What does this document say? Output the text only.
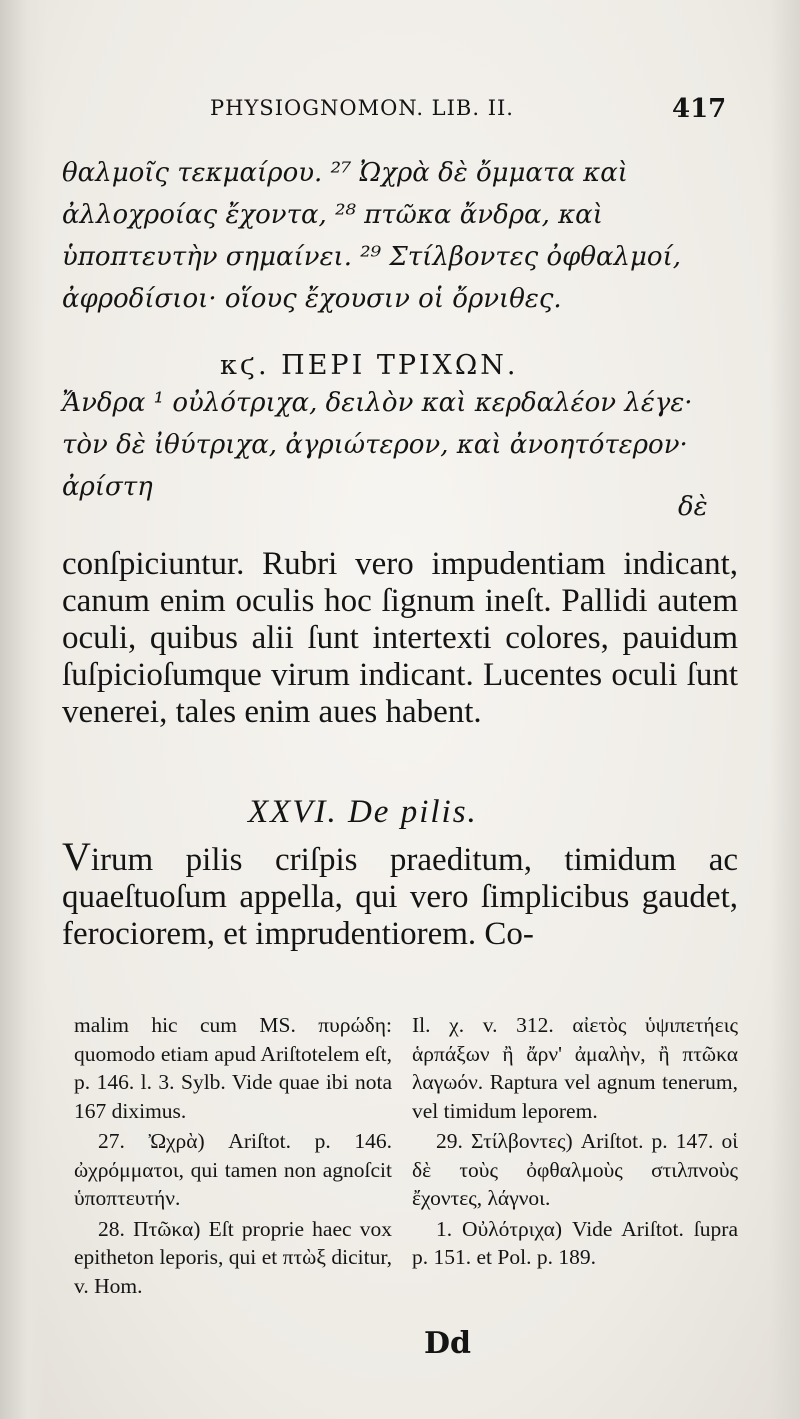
PHYSIOGNOMON. LIB. II.	417
θαλμοῖς τεκμαίρου. ²⁷ Ὠχρὰ δὲ ὄμματα καὶ ἀλλοχροίας ἔχοντα, ²⁸ πτῶκα ἄνδρα, καὶ ὑποπτευτὴν σημαίνει. ²⁹ Στίλβοντες ὀφθαλμοί, ἀφροδίσιοι· οἵους ἔχουσιν οἱ ὄρνιθες.
κϛ. ΠΕΡΙ ΤΡΙΧΩΝ.
Ἄνδρα ¹ οὐλότριχα, δειλὸν καὶ κερδαλέον λέγε· τὸν δὲ ἰθύτριχα, ἀγριώτερον, καὶ ἀνοητότερον· ἀρίστη
δὲ
conſpiciuntur. Rubri vero impudentiam indicant, canum enim oculis hoc ſignum ineſt. Pallidi autem oculi, quibus alii ſunt intertexti colores, pauidum ſuſpicioſumque virum indicant. Lucentes oculi ſunt venerei, tales enim aues habent.
XXVI. De pilis.
Virum pilis criſpis praeditum, timidum ac quaeſtuoſum appella, qui vero ſimplicibus gaudet, ferociorem, et imprudentiorem. Co-

malim hic cum MS. πυρώδη: quomodo etiam apud Ariſtotelem eſt, p. 146. l. 3. Sylb. Vide quae ibi nota 167 diximus.

27. Ὠχρὰ) Ariſtot. p. 146. ὠχρόμματοι, qui tamen non agnoſcit ὑποπτευτήν.

28. Πτῶκα) Eſt proprie haec vox epitheton leporis, qui et πτὼξ dicitur, v. Hom.

Il. χ. v. 312. αἰετὸς ὑψιπετήεις ἁρπάξων ἢ ἄρν' ἀμαλὴν, ἢ πτῶκα λαγωόν. Raptura vel agnum tenerum, vel timidum leporem.

29. Στίλβοντες) Ariſtot. p. 147. οἱ δὲ τοὺς ὀφθαλμοὺς στιλπνοὺς ἔχοντες, λάγνοι.

1. Οὐλότριχα) Vide Ariſtot. ſupra p. 151. et Pol. p. 189.

Dd
